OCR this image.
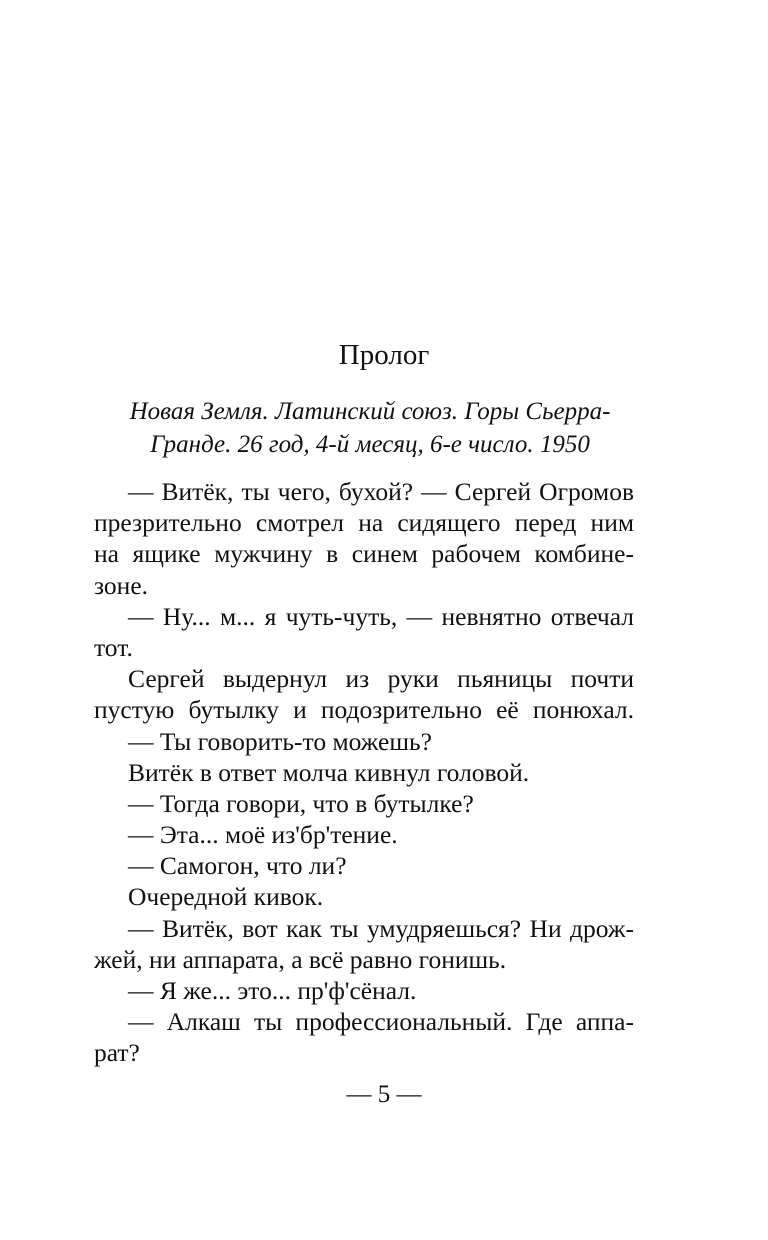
Пролог
Новая Земля. Латинский союз. Горы Сьерра-
Гранде. 26 год, 4-й месяц, 6-е число. 1950
— Витёк, ты чего, бухой? — Сергей Огромов
презрительно смотрел на сидящего перед ним
на ящике мужчину в синем рабочем комбине-
зоне.
— Ну... м... я чуть-чуть, — невнятно отвечал
тот.
Сергей выдернул из руки пьяницы почти
пустую бутылку и подозрительно её понюхал.
— Ты говорить-то можешь?
Витёк в ответ молча кивнул головой.
— Тогда говори, что в бутылке?
— Эта... моё из'бр'тение.
— Самогон, что ли?
Очередной кивок.
— Витёк, вот как ты умудряешься? Ни дрож-
жей, ни аппарата, а всё равно гонишь.
— Я же... это... пр'ф'сёнал.
— Алкаш ты профессиональный. Где аппа-
рат?
— 5 —
